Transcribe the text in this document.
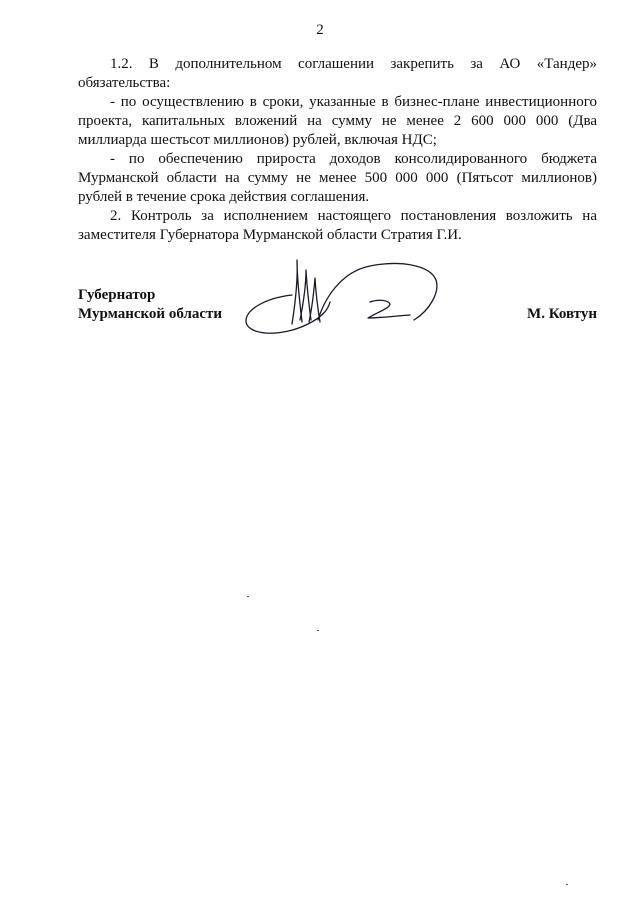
2

1.2. В дополнительном соглашении закрепить за АО «Тандер» обязательства:

- по осуществлению в сроки, указанные в бизнес-плане инвестиционного проекта, капитальных вложений на сумму не менее 2 600 000 000 (Два миллиарда шестьсот миллионов) рублей, включая НДС;

- по обеспечению прироста доходов консолидированного бюджета Мурманской области на сумму не менее 500 000 000 (Пятьсот миллионов) рублей в течение срока действия соглашения.

2. Контроль за исполнением настоящего постановления возложить на заместителя Губернатора Мурманской области Стратия Г.И.

Губернатор
Мурманской области	М. Ковтун
